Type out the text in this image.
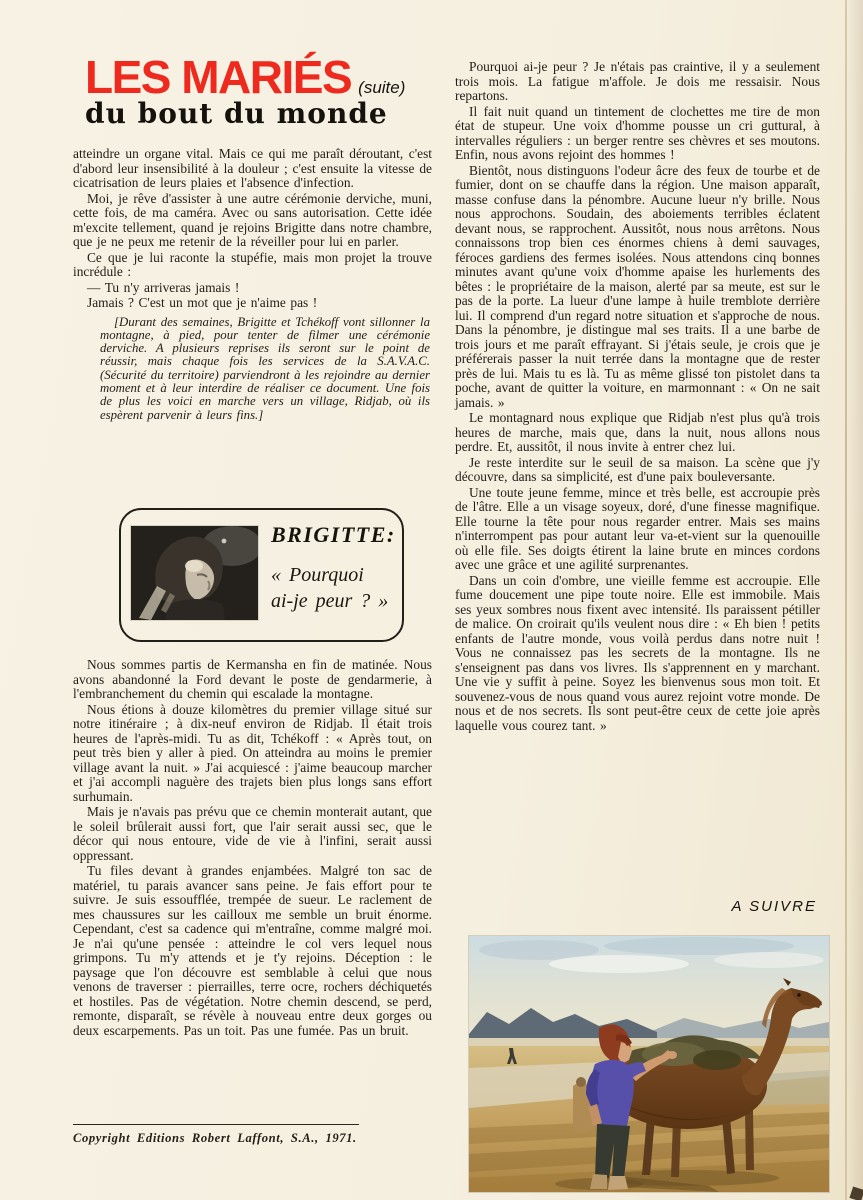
LES MARIÉS (suite)
du bout du monde

atteindre un organe vital. Mais ce qui me paraît déroutant, c'est d'abord leur insensibilité à la douleur ; c'est ensuite la vitesse de cicatrisation de leurs plaies et l'absence d'infection.

Moi, je rêve d'assister à une autre cérémonie derviche, muni, cette fois, de ma caméra. Avec ou sans autorisation. Cette idée m'excite tellement, quand je rejoins Brigitte dans notre chambre, que je ne peux me retenir de la réveiller pour lui en parler.

Ce que je lui raconte la stupéfie, mais mon projet la trouve incrédule :

— Tu n'y arriveras jamais !

Jamais ? C'est un mot que je n'aime pas !

[Durant des semaines, Brigitte et Tchékoff vont sillonner la montagne, à pied, pour tenter de filmer une cérémonie derviche. A plusieurs reprises ils seront sur le point de réussir, mais chaque fois les services de la S.A.V.A.C. (Sécurité du territoire) parviendront à les rejoindre au dernier moment et à leur interdire de réaliser ce document. Une fois de plus les voici en marche vers un village, Ridjab, où ils espèrent parvenir à leurs fins.]

BRIGITTE:
« Pourquoi
ai-je peur ? »

Nous sommes partis de Kermansha en fin de matinée. Nous avons abandonné la Ford devant le poste de gendarmerie, à l'embranchement du chemin qui escalade la montagne.

Nous étions à douze kilomètres du premier village situé sur notre itinéraire ; à dix-neuf environ de Ridjab. Il était trois heures de l'après-midi. Tu as dit, Tchékoff : « Après tout, on peut très bien y aller à pied. On atteindra au moins le premier village avant la nuit. » J'ai acquiescé : j'aime beaucoup marcher et j'ai accompli naguère des trajets bien plus longs sans effort surhumain.

Mais je n'avais pas prévu que ce chemin monterait autant, que le soleil brûlerait aussi fort, que l'air serait aussi sec, que le décor qui nous entoure, vide de vie à l'infini, serait aussi oppressant.

Tu files devant à grandes enjambées. Malgré ton sac de matériel, tu parais avancer sans peine. Je fais effort pour te suivre. Je suis essoufflée, trempée de sueur. Le raclement de mes chaussures sur les cailloux me semble un bruit énorme. Cependant, c'est sa cadence qui m'entraîne, comme malgré moi. Je n'ai qu'une pensée : atteindre le col vers lequel nous grimpons. Tu m'y attends et je t'y rejoins. Déception : le paysage que l'on découvre est semblable à celui que nous venons de traverser : pierrailles, terre ocre, rochers déchiquetés et hostiles. Pas de végétation. Notre chemin descend, se perd, remonte, disparaît, se révèle à nouveau entre deux gorges ou deux escarpements. Pas un toit. Pas une fumée. Pas un bruit.

Copyright Editions Robert Laffont, S.A., 1971.

Pourquoi ai-je peur ? Je n'étais pas craintive, il y a seulement trois mois. La fatigue m'affole. Je dois me ressaisir. Nous repartons.

Il fait nuit quand un tintement de clochettes me tire de mon état de stupeur. Une voix d'homme pousse un cri guttural, à intervalles réguliers : un berger rentre ses chèvres et ses moutons. Enfin, nous avons rejoint des hommes !

Bientôt, nous distinguons l'odeur âcre des feux de tourbe et de fumier, dont on se chauffe dans la région. Une maison apparaît, masse confuse dans la pénombre. Aucune lueur n'y brille. Nous nous approchons. Soudain, des aboiements terribles éclatent devant nous, se rapprochent. Aussitôt, nous nous arrêtons. Nous connaissons trop bien ces énormes chiens à demi sauvages, féroces gardiens des fermes isolées. Nous attendons cinq bonnes minutes avant qu'une voix d'homme apaise les hurlements des bêtes : le propriétaire de la maison, alerté par sa meute, est sur le pas de la porte. La lueur d'une lampe à huile tremblote derrière lui. Il comprend d'un regard notre situation et s'approche de nous. Dans la pénombre, je distingue mal ses traits. Il a une barbe de trois jours et me paraît effrayant. Si j'étais seule, je crois que je préférerais passer la nuit terrée dans la montagne que de rester près de lui. Mais tu es là. Tu as même glissé ton pistolet dans ta poche, avant de quitter la voiture, en marmonnant : « On ne sait jamais. »

Le montagnard nous explique que Ridjab n'est plus qu'à trois heures de marche, mais que, dans la nuit, nous allons nous perdre. Et, aussitôt, il nous invite à entrer chez lui.

Je reste interdite sur le seuil de sa maison. La scène que j'y découvre, dans sa simplicité, est d'une paix bouleversante.

Une toute jeune femme, mince et très belle, est accroupie près de l'âtre. Elle a un visage soyeux, doré, d'une finesse magnifique. Elle tourne la tête pour nous regarder entrer. Mais ses mains n'interrompent pas pour autant leur va-et-vient sur la quenouille où elle file. Ses doigts étirent la laine brute en minces cordons avec une grâce et une agilité surprenantes.

Dans un coin d'ombre, une vieille femme est accroupie. Elle fume doucement une pipe toute noire. Elle est immobile. Mais ses yeux sombres nous fixent avec intensité. Ils paraissent pétiller de malice. On croirait qu'ils veulent nous dire : « Eh bien ! petits enfants de l'autre monde, vous voilà perdus dans notre nuit ! Vous ne connaissez pas les secrets de la montagne. Ils ne s'enseignent pas dans vos livres. Ils s'apprennent en y marchant. Une vie y suffit à peine. Soyez les bienvenus sous mon toit. Et souvenez-vous de nous quand vous aurez rejoint votre monde. De nous et de nos secrets. Ils sont peut-être ceux de cette joie après laquelle vous courez tant. »

A SUIVRE
